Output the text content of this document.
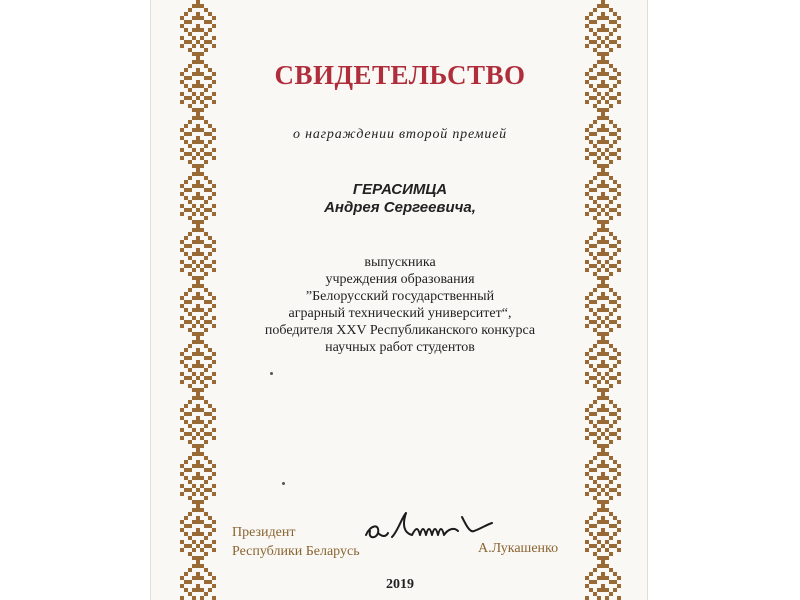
СВИДЕТЕЛЬСТВО
о награждении второй премией
ГЕРАСИМЦА
Андрея Сергеевича,
выпускника
учреждения образования
”Белорусский государственный
аграрный технический университет“,
победителя XXV Республиканского конкурса
научных работ студентов
Президент
Республики Беларусь	А.Лукашенко
2019
